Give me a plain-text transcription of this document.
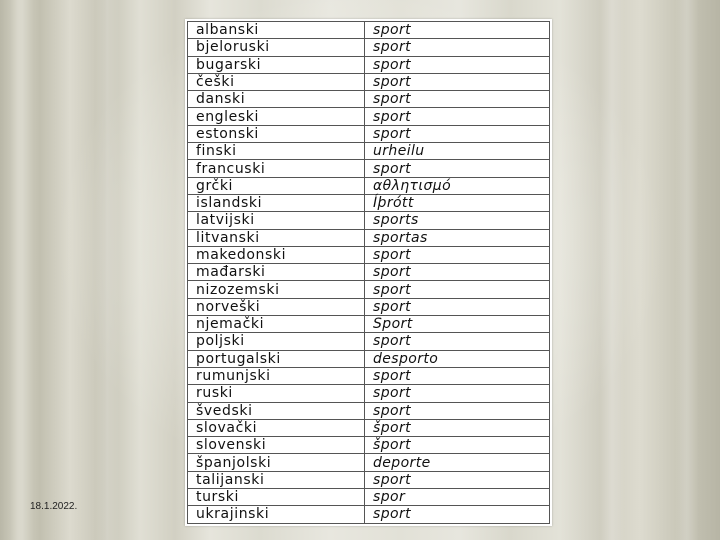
albanski	sport
bjeloruski	sport
bugarski	sport
češki	sport
danski	sport
engleski	sport
estonski	sport
finski	urheilu
francuski	sport
grčki	αθλητισμό
islandski	Íþrótt
latvijski	sports
litvanski	sportas
makedonski	sport
mađarski	sport
nizozemski	sport
norveški	sport
njemački	Sport
poljski	sport
portugalski	desporto
rumunjski	sport
ruski	sport
švedski	sport
slovački	šport
slovenski	šport
španjolski	deporte
talijanski	sport
turski	spor
ukrajinski	sport
18.1.2022.
